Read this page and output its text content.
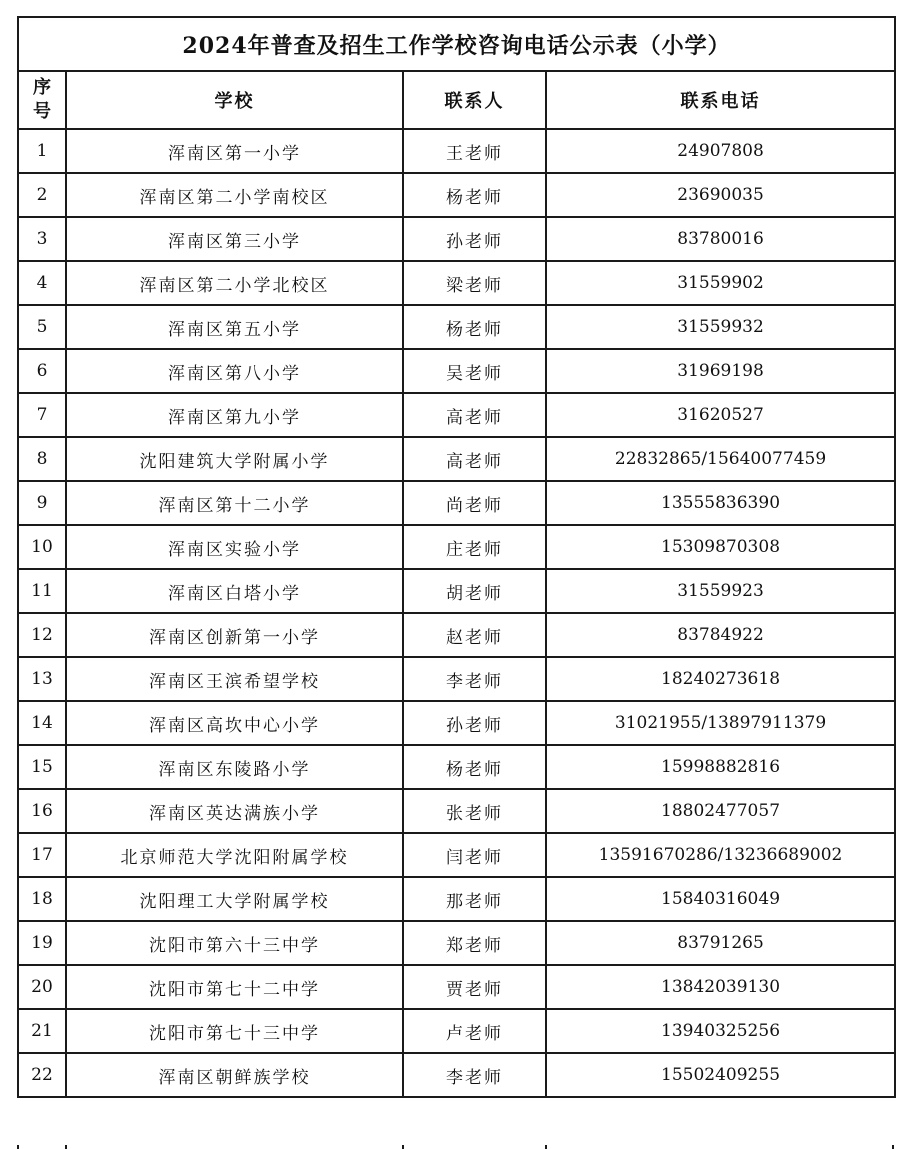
2024年普查及招生工作学校咨询电话公示表（小学）			
序
号	学校	联系人	联系电话
1	浑南区第一小学	王老师	24907808
2	浑南区第二小学南校区	杨老师	23690035
3	浑南区第三小学	孙老师	83780016
4	浑南区第二小学北校区	梁老师	31559902
5	浑南区第五小学	杨老师	31559932
6	浑南区第八小学	吴老师	31969198
7	浑南区第九小学	高老师	31620527
8	沈阳建筑大学附属小学	高老师	22832865/15640077459
9	浑南区第十二小学	尚老师	13555836390
10	浑南区实验小学	庄老师	15309870308
11	浑南区白塔小学	胡老师	31559923
12	浑南区创新第一小学	赵老师	83784922
13	浑南区王滨希望学校	李老师	18240273618
14	浑南区高坎中心小学	孙老师	31021955/13897911379
15	浑南区东陵路小学	杨老师	15998882816
16	浑南区英达满族小学	张老师	18802477057
17	北京师范大学沈阳附属学校	闫老师	13591670286/13236689002
18	沈阳理工大学附属学校	那老师	15840316049
19	沈阳市第六十三中学	郑老师	83791265
20	沈阳市第七十二中学	贾老师	13842039130
21	沈阳市第七十三中学	卢老师	13940325256
22	浑南区朝鲜族学校	李老师	15502409255
